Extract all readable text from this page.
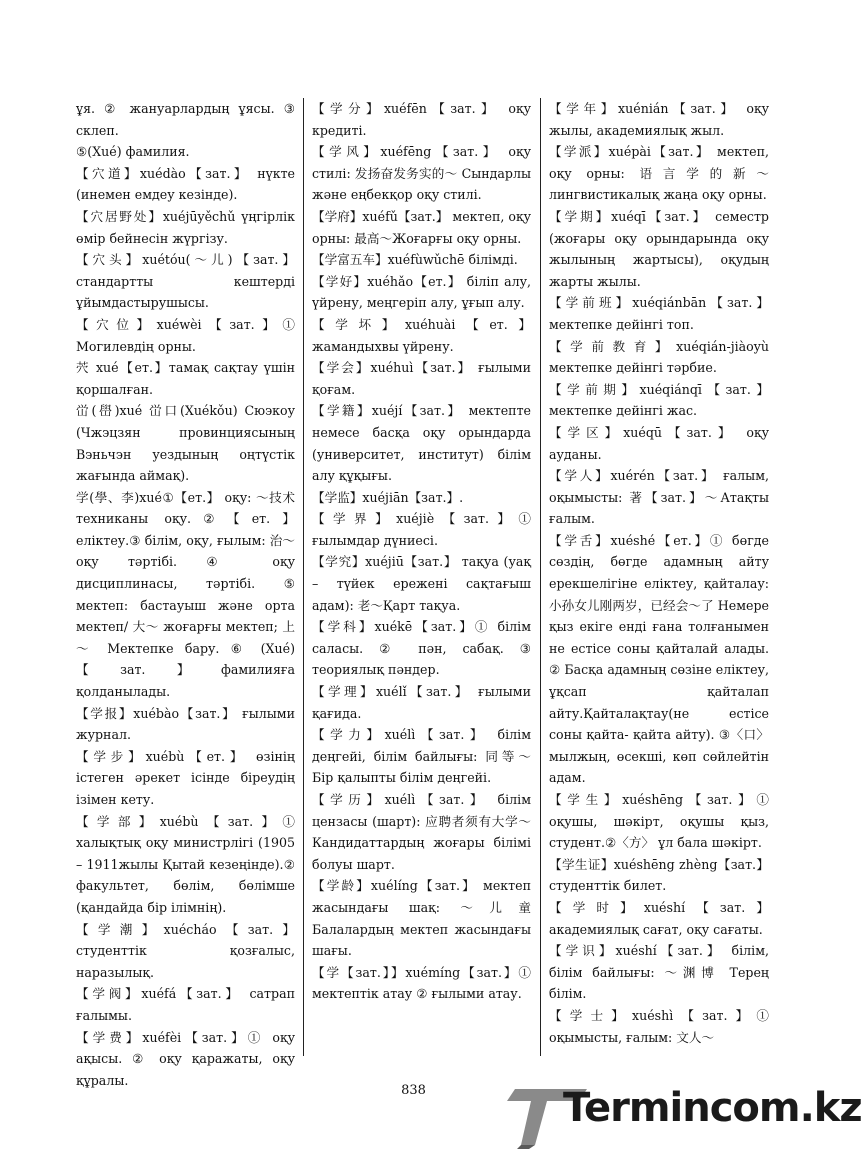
ұя. ② жануарлардың ұясы. ③ склеп.

⑤(Xué) фамилия.

【穴道】xuédào【зат.】 нүкте (инемен емдеу кезінде).

【穴居野处】xuéjūyěchǔ үңгірлік өмір бейнесін жүргізу.

【穴头】xuétóu(～儿)【зат.】 стандартты кештерді ұйымдастырушысы.

【穴位】xuéwèi【зат.】① Могилевдің орны.

茓 xué【ет.】тамақ сақтау үшін қоршалған.

峃(嶨)xué 峃口(Xuékǒu) Сюэкоу (Чжэцзян провинциясының Вэньчэн уездының оңтүстік жағында аймақ).

学(學、李)xué①【ет.】 оқу: ～技术 техниканы оқу.②【ет.】еліктеу.③ білім, оқу, ғылым: 治～ оқу тәртібі. ④ оқу дисциплинасы, тәртібі. ⑤ мектеп: бастауыш және орта мектеп/ 大～ жоғарғы мектеп; 上～ Мектепке бару. ⑥ (Xué)【зат.】фамилияға қолданылады.

【学报】xuébào【зат.】 ғылыми журнал.

【学步】xuébù【ет.】 өзінің істеген әрекет ісінде біреудің ізімен кету.

【学部】xuébù【зат.】① халықтық оқу министрлігі (1905 – 1911жылы Қытай кезеңінде).② факультет, бөлім, бөлімше (қандайда бір ілімнің).

【学潮】xuécháo【зат.】 студенттік қозғалыс, наразылық.

【学阀】xuéfá【зат.】 сатрап ғалымы.

【学费】xuéfèi【зат.】① оқу ақысы. ② оқу қаражаты, оқу құралы.

【学分】xuéfēn【зат.】 оқу кредиті.

【学风】xuéfēng【зат.】 оқу стилі: 发扬奋发务实的～ Сындарлы және еңбекқор оқу стилі.

【学府】xuéfǔ【зат.】 мектеп, оқу орны: 最高～Жоғарғы оқу орны.

【学富五车】xuéfùwǔchē білімді.

【学好】xuéhǎo【ет.】 біліп алу, үйрену, меңгеріп алу, ұғып алу.

【学坏】xuéhuài【ет.】 жамандыхвы үйрену.

【学会】xuéhuì【зат.】 ғылыми қоғам.

【学籍】xuéjí【зат.】 мектепте немесе басқа оқу орындарда (университет, институт) білім алу құқығы.

【学监】xuéjiān【зат.】.

【学界】xuéjiè【зат.】① ғылымдар дүниесі.

【学究】xuéjiū【зат.】 тақуа (уақ – түйек ережені сақтағыш адам): 老～Қарт тақуа.

【学科】xuékē【зат.】① білім саласы. ② пән, сабақ. ③ теориялық пәндер.

【学理】xuélǐ【зат.】 ғылыми қағида.

【学力】xuélì【зат.】 білім деңгейі, білім байлығы: 同等～ Бір қалыпты білім деңгейі.

【学历】xuélì【зат.】 білім цензасы (шарт): 应聘者须有大学～ Кандидаттардың жоғары білімі болуы шарт.

【学龄】xuélíng【зат.】 мектеп жасындағы шақ: ～儿童 Балалардың мектеп жасындағы шағы.

【学【зат.】】xuémíng【зат.】① мектептік атау ② ғылыми атау.

【学年】xuénián【зат.】 оқу жылы, академиялық жыл.

【学派】xuépài【зат.】 мектеп, оқу орны: 语言学的新～ лингвистикалық жаңа оқу орны.

【学期】xuéqī【зат.】 семестр (жоғары оқу орындарында оқу жылының жартысы), оқудың жарты жылы.

【学前班】xuéqiánbān【зат.】 мектепке дейінгі топ.

【学前教育】xuéqián-jiàoyù мектепке дейінгі тәрбие.

【学前期】xuéqiánqī【зат.】 мектепке дейінгі жас.

【学区】xuéqū【зат.】 оқу ауданы.

【学人】xuérén【зат.】 ғалым, оқымысты: 著【зат.】～Атақты ғалым.

【学舌】xuéshé【ет.】① бөгде сөздің, бөгде адамның айту ерекшелігіне еліктеу, қайталау: 小孙女儿刚两岁，已经会～了 Немере қыз екіге енді ғана толғанымен не естісе соны қайталай алады. ② Басқа адамның сөзіне еліктеу, ұқсап қайталап айту.Қайталақтау(не естісе соны қайта- қайта айту). ③〈口〉 мылжың, өсекші, көп сөйлейтін адам.

【学生】xuéshēng【зат.】① оқушы, шәкірт, оқушы қыз, студент.②〈方〉 ұл бала шәкірт.

【学生证】xuéshēng zhèng【зат.】 студенттік билет.

【学时】xuéshí【зат.】 академиялық сағат, оқу сағаты.

【学识】xuéshí【зат.】 білім, білім байлығы: ～渊博 Терең білім.

【学士】xuéshì【зат.】① оқымысты, ғалым: 文人～

838	Termincom.kz
